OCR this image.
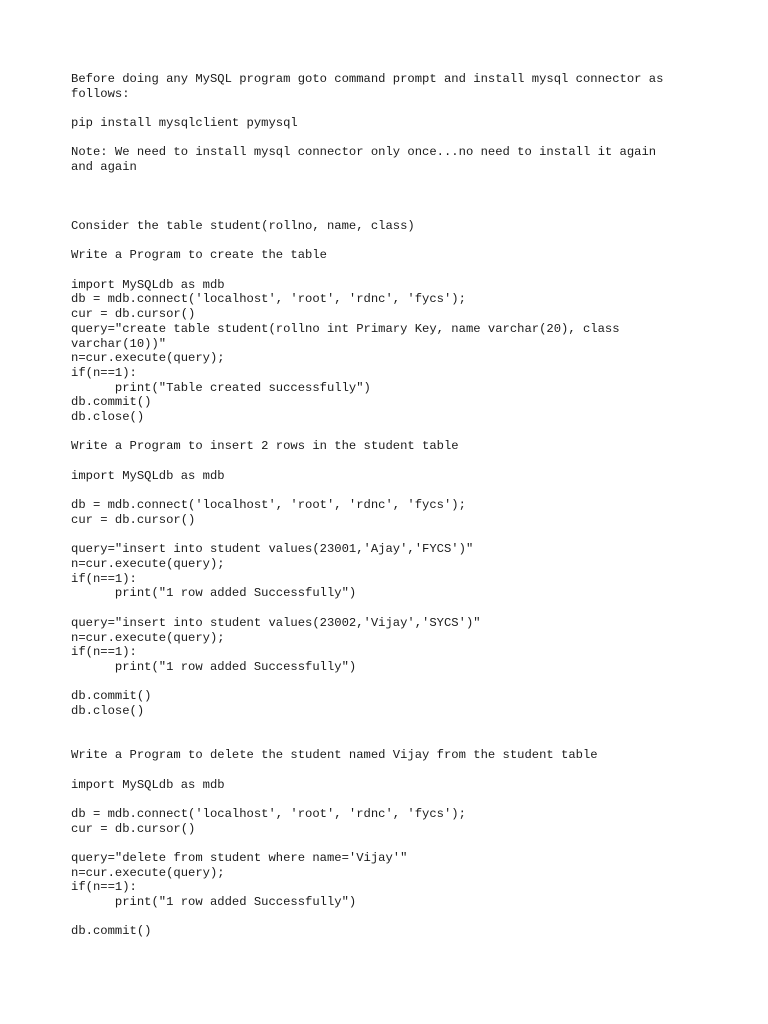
Before doing any MySQL program goto command prompt and install mysql connector as
follows:
pip install mysqlclient pymysql
Note: We need to install mysql connector only once...no need to install it again
and again
Consider the table student(rollno, name, class)
Write a Program to create the table
import MySQLdb as mdb
db = mdb.connect('localhost', 'root', 'rdnc', 'fycs');
cur = db.cursor()
query="create table student(rollno int Primary Key, name varchar(20), class
varchar(10))"
n=cur.execute(query);
if(n==1):
print("Table created successfully")
db.commit()
db.close()
Write a Program to insert 2 rows in the student table
import MySQLdb as mdb
db = mdb.connect('localhost', 'root', 'rdnc', 'fycs');
cur = db.cursor()
query="insert into student values(23001,'Ajay','FYCS')"
n=cur.execute(query);
if(n==1):
print("1 row added Successfully")
query="insert into student values(23002,'Vijay','SYCS')"
n=cur.execute(query);
if(n==1):
print("1 row added Successfully")
db.commit()
db.close()
Write a Program to delete the student named Vijay from the student table
import MySQLdb as mdb
db = mdb.connect('localhost', 'root', 'rdnc', 'fycs');
cur = db.cursor()
query="delete from student where name='Vijay'"
n=cur.execute(query);
if(n==1):
print("1 row added Successfully")
db.commit()
